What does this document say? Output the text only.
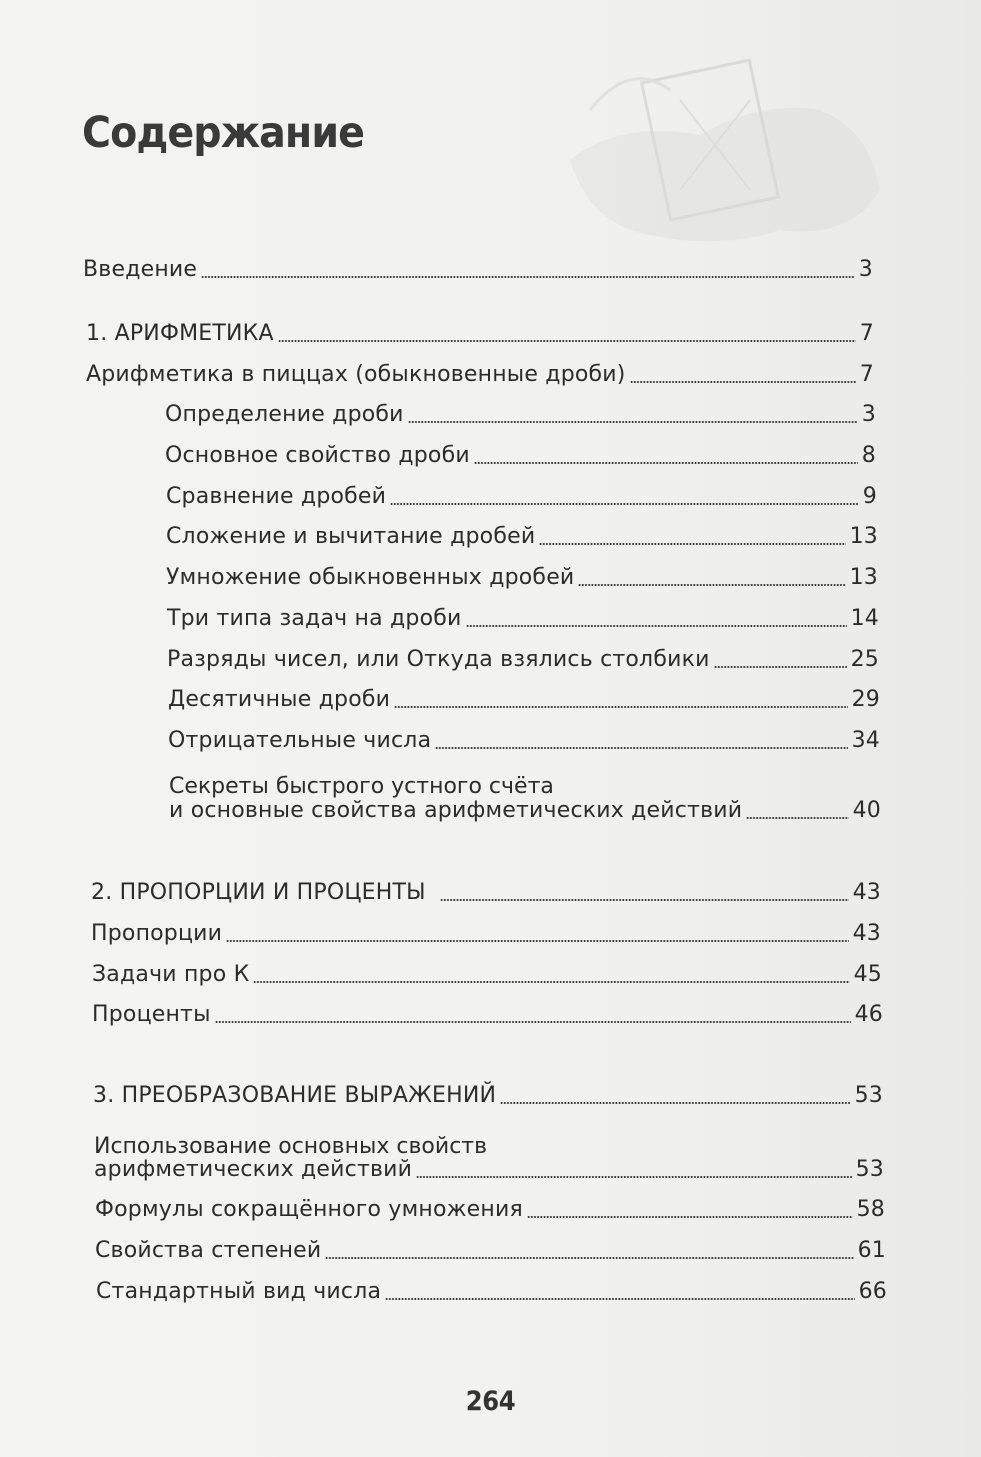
Содержание
Введение	3
1. АРИФМЕТИКА	7
Арифметика в пиццах (обыкновенные дроби)	7
Определение дроби	3
Основное свойство дроби	8
Сравнение дробей	9
Сложение и вычитание дробей	13
Умножение обыкновенных дробей	13
Три типа задач на дроби	14
Разряды чисел, или Откуда взялись столбики	25
Десятичные дроби	29
Отрицательные числа	34
Секреты быстрого устного счёта
и основные свойства арифметических действий	40
2. ПРОПОРЦИИ И ПРОЦЕНТЫ	43
Пропорции	43
Задачи про К	45
Проценты	46
3. ПРЕОБРАЗОВАНИЕ ВЫРАЖЕНИЙ	53
Использование основных свойств
арифметических действий	53
Формулы сокращённого умножения	58
Свойства степеней	61
Стандартный вид числа	66
264
